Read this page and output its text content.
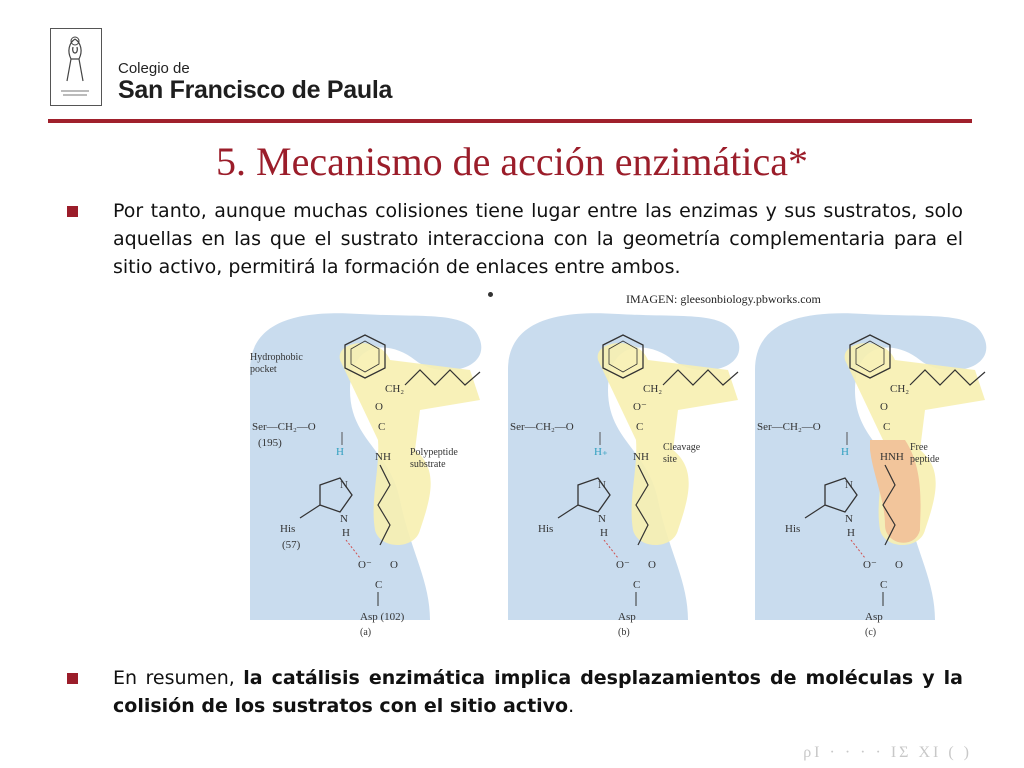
Colegio de
San Francisco de Paula
5. Mecanismo de acción enzimática*
Por tanto, aunque muchas colisiones tiene lugar entre las enzimas y sus sustratos, solo aquellas en las que el sustrato interacciona con la geometría complementaria para el sitio activo, permitirá la formación de enlaces entre ambos.
IMAGEN: gleesonbiology.pbworks.com
CH₂
O
C
NH
Ser—CH₂—O
(195)
H
N
N
His
(57)
H
O⁻ O
C
Asp (102)
Hydrophobic
pocket
Polypeptide
substrate
(a)
CH₂
O⁻
C
NH
Ser—CH₂—O
H₊
N
N
His	H
O⁻ O
C
Asp
Cleavage
site
(b)
CH₂
O
C
HNH
Ser—CH₂—O
H
N
N
His	H
O⁻ O
C
Asp
Free
peptide
(c)
En resumen, la catálisis enzimática implica desplazamientos de moléculas y la colisión de los sustratos con el sitio activo.
ρΙ · · · · ΙΣ ΧΙ ( )
